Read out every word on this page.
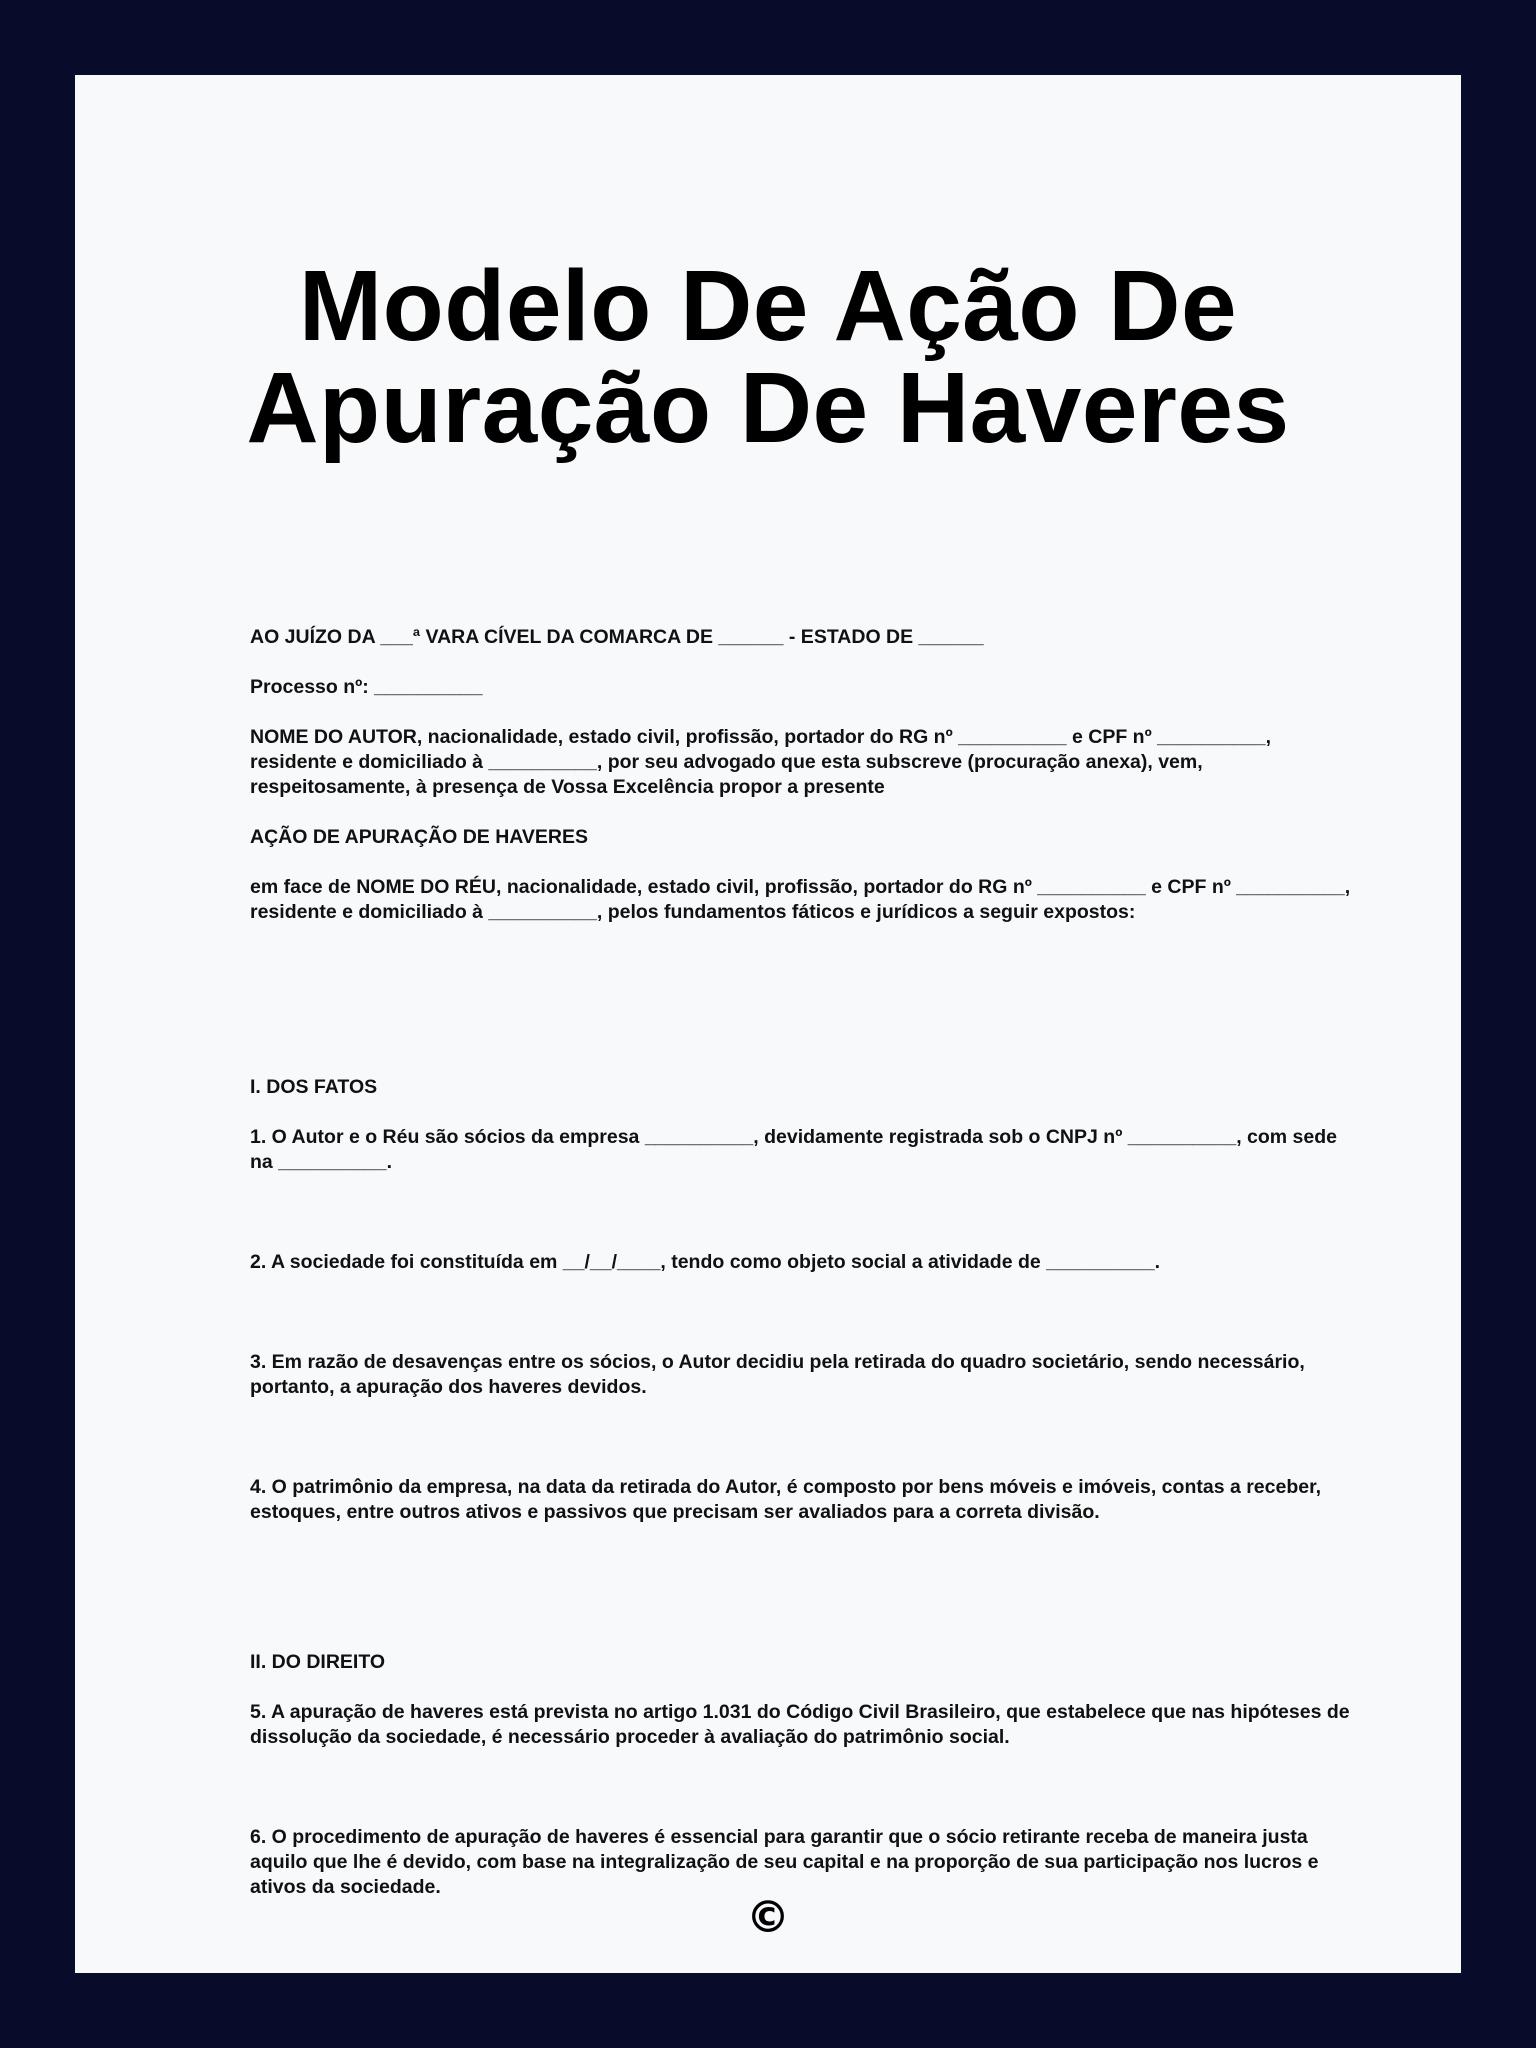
Modelo De Ação De
Apuração De Haveres

AO JUÍZO DA ___ª VARA CÍVEL DA COMARCA DE ______ - ESTADO DE ______

Processo nº: __________

NOME DO AUTOR, nacionalidade, estado civil, profissão, portador do RG nº __________ e CPF nº __________, residente e domiciliado à __________, por seu advogado que esta subscreve (procuração anexa), vem, respeitosamente, à presença de Vossa Excelência propor a presente

AÇÃO DE APURAÇÃO DE HAVERES

em face de NOME DO RÉU, nacionalidade, estado civil, profissão, portador do RG nº __________ e CPF nº __________, residente e domiciliado à __________, pelos fundamentos fáticos e jurídicos a seguir expostos:

I. DOS FATOS

1. O Autor e o Réu são sócios da empresa __________, devidamente registrada sob o CNPJ nº __________, com sede na __________.

2. A sociedade foi constituída em __/__/____, tendo como objeto social a atividade de __________.

3. Em razão de desavenças entre os sócios, o Autor decidiu pela retirada do quadro societário, sendo necessário, portanto, a apuração dos haveres devidos.

4. O patrimônio da empresa, na data da retirada do Autor, é composto por bens móveis e imóveis, contas a receber, estoques, entre outros ativos e passivos que precisam ser avaliados para a correta divisão.

II. DO DIREITO

5. A apuração de haveres está prevista no artigo 1.031 do Código Civil Brasileiro, que estabelece que nas hipóteses de dissolução da sociedade, é necessário proceder à avaliação do patrimônio social.

6. O procedimento de apuração de haveres é essencial para garantir que o sócio retirante receba de maneira justa aquilo que lhe é devido, com base na integralização de seu capital e na proporção de sua participação nos lucros e ativos da sociedade.

©
